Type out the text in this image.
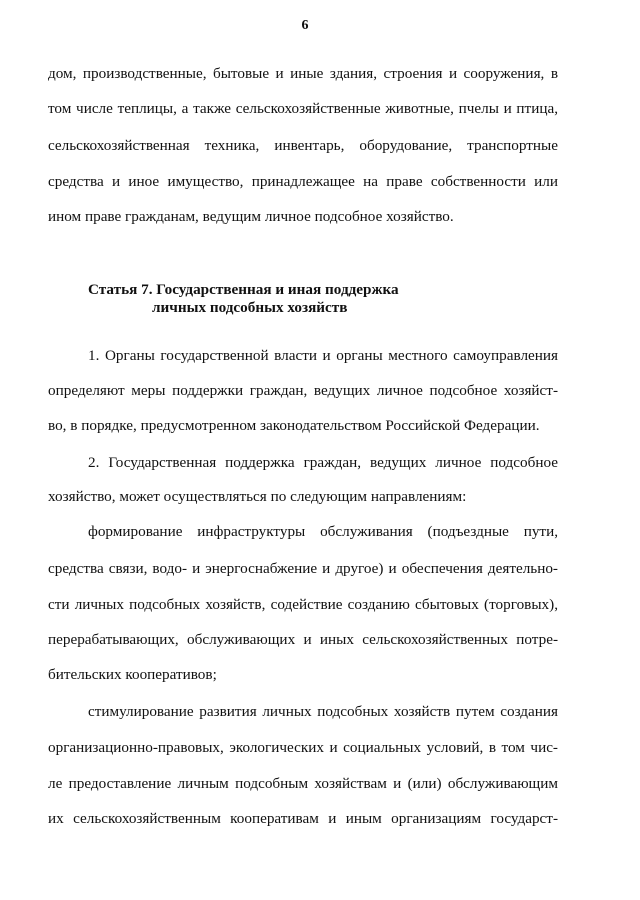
6
дом, производственные, бытовые и иные здания, строения и сооружения, в
том числе теплицы, а также сельскохозяйственные животные, пчелы и птица,
сельскохозяйственная техника, инвентарь, оборудование, транспортные
средства и иное имущество, принадлежащее на праве собственности или
ином праве гражданам, ведущим личное подсобное хозяйство.
Статья 7. Государственная и иная поддержка
личных подсобных хозяйств
1. Органы государственной власти и органы местного самоуправления
определяют меры поддержки граждан, ведущих личное подсобное хозяйст-
во, в порядке, предусмотренном законодательством Российской Федерации.
2. Государственная поддержка граждан, ведущих личное подсобное
хозяйство, может осуществляться по следующим направлениям:
формирование инфраструктуры обслуживания (подъездные пути,
средства связи, водо- и энергоснабжение и другое) и обеспечения деятельно-
сти личных подсобных хозяйств, содействие созданию сбытовых (торговых),
перерабатывающих, обслуживающих и иных сельскохозяйственных потре-
бительских кооперативов;
стимулирование развития личных подсобных хозяйств путем создания
организационно-правовых, экологических и социальных условий, в том чис-
ле предоставление личным подсобным хозяйствам и (или) обслуживающим
их сельскохозяйственным кооперативам и иным организациям государст-
